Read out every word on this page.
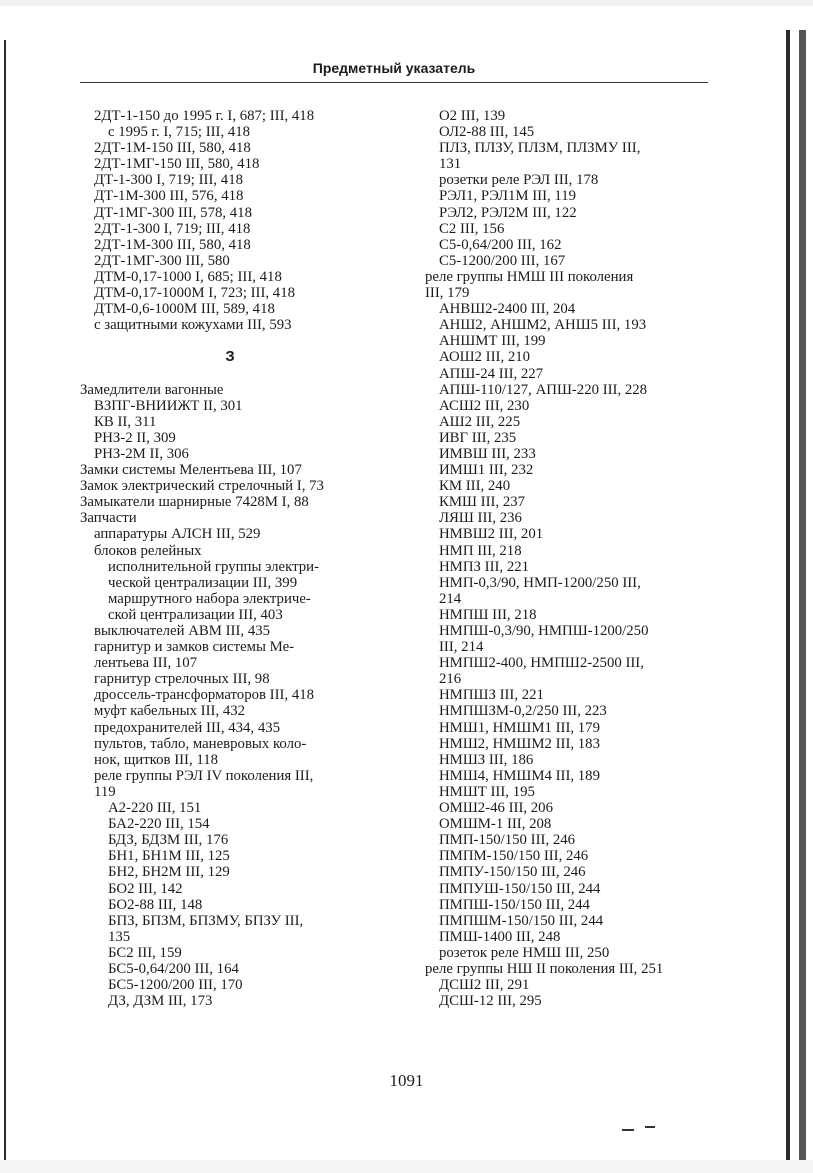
Предметный указатель
2ДТ-1-150 до 1995 г. I, 687; III, 418
с 1995 г. I, 715; III, 418
2ДТ-1М-150 III, 580, 418
2ДТ-1МГ-150 III, 580, 418
ДТ-1-300 I, 719; III, 418
ДТ-1М-300 III, 576, 418
ДТ-1МГ-300 III, 578, 418
2ДТ-1-300 I, 719; III, 418
2ДТ-1М-300 III, 580, 418
2ДТ-1МГ-300 III, 580
ДТМ-0,17-1000 I, 685; III, 418
ДТМ-0,17-1000М I, 723; III, 418
ДТМ-0,6-1000М III, 589, 418
с защитными кожухами III, 593

З

Замедлители вагонные
ВЗПГ-ВНИИЖТ II, 301
КВ II, 311
РНЗ-2 II, 309
РНЗ-2М II, 306
Замки системы Мелентьева III, 107
Замок электрический стрелочный I, 73
Замыкатели шарнирные 7428М I, 88
Запчасти
аппаратуры АЛСН III, 529
блоков релейных
исполнительной группы электри-
ческой централизации III, 399
маршрутного набора электриче-
ской централизации III, 403
выключателей АВМ III, 435
гарнитур и замков системы Ме-
лентьева III, 107
гарнитур стрелочных III, 98
дроссель-трансформаторов III, 418
муфт кабельных III, 432
предохранителей III, 434, 435
пультов, табло, маневровых коло-
нок, щитков III, 118
реле группы РЭЛ IV поколения III,
119
А2-220 III, 151
БА2-220 III, 154
БДЗ, БДЗМ III, 176
БН1, БН1М III, 125
БН2, БН2М III, 129
БО2 III, 142
БО2-88 III, 148
БПЗ, БПЗМ, БПЗМУ, БПЗУ III,
135
БС2 III, 159
БС5-0,64/200 III, 164
БС5-1200/200 III, 170
ДЗ, ДЗМ III, 173
О2 III, 139
ОЛ2-88 III, 145
ПЛЗ, ПЛЗУ, ПЛЗМ, ПЛЗМУ III,
131
розетки реле РЭЛ III, 178
РЭЛ1, РЭЛ1М III, 119
РЭЛ2, РЭЛ2М III, 122
С2 III, 156
С5-0,64/200 III, 162
С5-1200/200 III, 167
реле группы НМШ III поколения
III, 179
АНВШ2-2400 III, 204
АНШ2, АНШМ2, АНШ5 III, 193
АНШМТ III, 199
АОШ2 III, 210
АПШ-24 III, 227
АПШ-110/127, АПШ-220 III, 228
АСШ2 III, 230
АШ2 III, 225
ИВГ III, 235
ИМВШ III, 233
ИМШ1 III, 232
КМ III, 240
КМШ III, 237
ЛЯШ III, 236
НМВШ2 III, 201
НМП III, 218
НМПЗ III, 221
НМП-0,3/90, НМП-1200/250 III,
214
НМПШ III, 218
НМПШ-0,3/90, НМПШ-1200/250
III, 214
НМПШ2-400, НМПШ2-2500 III,
216
НМПШЗ III, 221
НМПШЗМ-0,2/250 III, 223
НМШ1, НМШМ1 III, 179
НМШ2, НМШМ2 III, 183
НМШЗ III, 186
НМШ4, НМШМ4 III, 189
НМШТ III, 195
ОМШ2-46 III, 206
ОМШМ-1 III, 208
ПМП-150/150 III, 246
ПМПМ-150/150 III, 246
ПМПУ-150/150 III, 246
ПМПУШ-150/150 III, 244
ПМПШ-150/150 III, 244
ПМПШМ-150/150 III, 244
ПМШ-1400 III, 248
розеток реле НМШ III, 250
реле группы НШ II поколения III, 251
ДСШ2 III, 291
ДСШ-12 III, 295
1091
